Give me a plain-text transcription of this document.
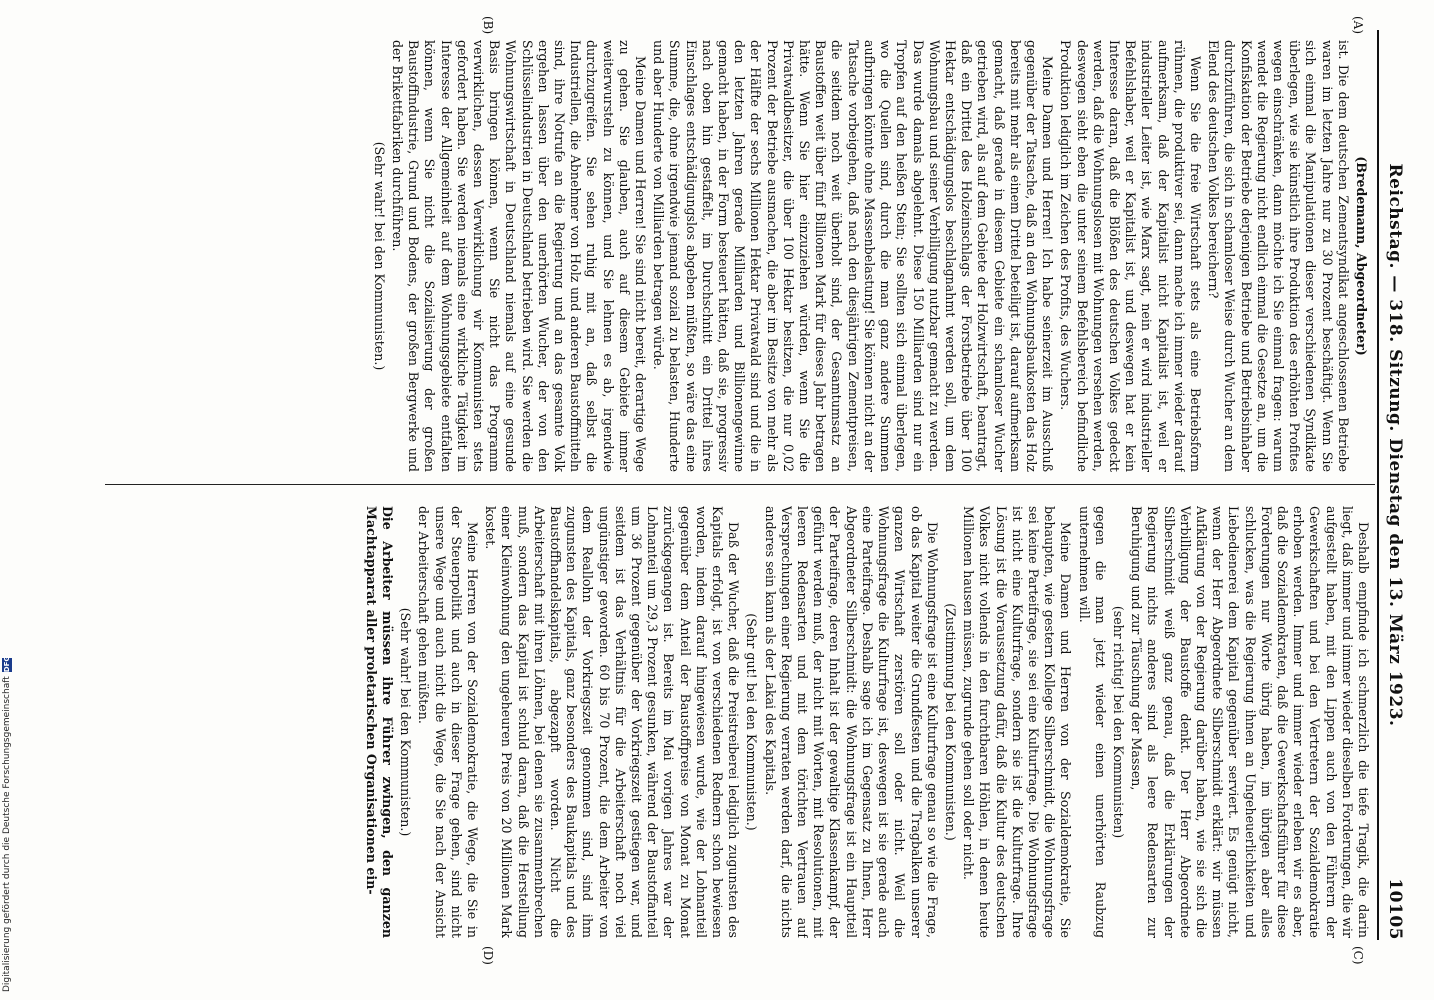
Reichstag. — 318. Sitzung. Dienstag den 13. März 1923.
10105
(A)
(B)
(C)
(D)

(Bredemann, Abgeordneter)

ist. Die dem deutschen Zementsyndikat angeschlossenen Betriebe waren im letzten Jahre nur zu 30 Prozent beschäftigt. Wenn Sie sich einmal die Manipulationen dieser verschiedenen Syndikate überlegen, wie sie künstlich ihre Produktion des erhöhten Profites wegen einschränken, dann möchte ich Sie einmal fragen: warum wendet die Regierung nicht endlich einmal die Gesetze an, um die Konfiskation der Betriebe derjenigen Betriebe und Betriebsinhaber durchzuführen, die sich in schamloser Weise durch Wucher an dem Elend des deutschen Volkes bereichern?

Wenn Sie die freie Wirtschaft stets als eine Betriebsform rühmen, die produktiver sei, dann mache ich immer wieder darauf aufmerksam, daß der Kapitalist nicht Kapitalist ist, weil er industrieller Leiter ist, wie Marx sagt, nein er wird industrieller Befehlshaber, weil er Kapitalist ist, und deswegen hat er kein Interesse daran, daß die Blößen des deutschen Volkes gedeckt werden, daß die Wohnungslosen mit Wohnungen versehen werden, deswegen sieht eben die unter seinem Befehlsbereich befindliche Produktion lediglich im Zeichen des Profits, des Wuchers.

Meine Damen und Herren! Ich habe seinerzeit im Ausschuß gegenüber der Tatsache, daß an den Wohnungsbaukosten das Holz bereits mit mehr als einem Drittel beteiligt ist, darauf aufmerksam gemacht, daß gerade in diesem Gebiete ein schamloser Wucher getrieben wird, als auf dem Gebiete der Holzwirtschaft, beantragt, daß ein Drittel des Holzeinschlags der Forstbetriebe über 100 Hektar entschädigungslos beschlagnahmt werden soll, um dem Wohnungsbau und seiner Verbilligung nutzbar gemacht zu werden. Das wurde damals abgelehnt. Diese 150 Milliarden sind nur ein Tropfen auf den heißen Stein; Sie sollten sich einmal überlegen, wo die Quellen sind, durch die man ganz andere Summen aufbringen könnte ohne Massenbelastung! Sie können nicht an der Tatsache vorbeigehen, daß nach den diesjährigen Zementpreisen, die seitdem noch weit überholt sind, der Gesamtumsatz an Baustoffen weit über fünf Billionen Mark für dieses Jahr betragen hätte. Wenn Sie hier einzuziehen würden, wenn Sie die Privatwaldbesitzer, die über 100 Hektar besitzen, die nur 0,02 Prozent der Betriebe ausmachen, die aber im Besitze von mehr als der Hälfte der sechs Millionen Hektar Privatwald sind und die in den letzten Jahren gerade Milliarden und Billionengewinne gemacht haben, in der Form besteuert hätten, daß sie, progressiv nach oben hin gestaffelt, im Durchschnitt ein Drittel ihres Einschlages entschädigungslos abgeben müßten, so wäre das eine Summe, die, ohne irgendwie jemand sozial zu belasten, Hunderte und aber Hunderte von Milliarden betragen würde.

Meine Damen und Herren! Sie sind nicht bereit, derartige Wege zu gehen. Sie glauben, auch auf diesem Gebiete immer weiterwursteln zu können, und Sie lehnen es ab, irgendwie durchzugreifen. Sie sehen ruhig mit an, daß selbst die Industriellen, die Abnehmer von Holz und anderen Baustoffmitteln sind, ihre Notrufe an die Regierung und an das gesamte Volk ergehen lassen über den unerhörten Wucher, der von den Schlüsselindustrien in Deutschland betrieben wird. Sie werden die Wohnungswirtschaft in Deutschland niemals auf eine gesunde Basis bringen können, wenn Sie nicht das Programm verwirklichen, dessen Verwirklichung wir Kommunisten stets gefordert haben. Sie werden niemals eine wirkliche Tätigkeit im Interesse der Allgemeinheit auf dem Wohnungsgebiete entfalten können, wenn Sie nicht die Sozialisierung der großen Baustoffindustrie, Grund und Bodens, der großen Bergwerke und der Brikettfabriken durchführen.

(Sehr wahr! bei den Kommunisten.)

Deshalb empfinde ich schmerzlich die tiefe Tragik, die darin liegt, daß immer und immer wieder dieselben Forderungen, die wir aufgestellt haben, mit den Lippen auch von den Führern der Gewerkschaften und bei den Vertretern der Sozialdemokratie erhoben werden. Immer und immer wieder erleben wir es aber, daß die Sozialdemokraten, daß die Gewerkschaftsführer für diese Forderungen nur Worte übrig haben, im übrigen aber alles schlucken, was die Regierung ihnen an Ungeheuerlichkeiten und Liebedienerei dem Kapital gegenüber serviert. Es genügt nicht, wenn der Herr Abgeordnete Silberschmidt erklärt: wir müssen Aufklärung von der Regierung darüber haben, wie sie sich die Verbilligung der Baustoffe denkt. Der Herr Abgeordnete Silberschmidt weiß ganz genau, daß die Erklärungen der Regierung nichts anderes sind als leere Redensarten zur Beruhigung und zur Täuschung der Massen,

(sehr richtig! bei den Kommunisten)

gegen die man jetzt wieder einen unerhörten Raubzug unternehmen will.

Meine Damen und Herren von der Sozialdemokratie, Sie behaupten, wie gestern Kollege Silberschmidt, die Wohnungsfrage sei keine Parteifrage, sie sei eine Kulturfrage. Die Wohnungsfrage ist nicht eine Kulturfrage, sondern sie ist die Kulturfrage. Ihre Lösung ist die Voraussetzung dafür, daß die Kultur des deutschen Volkes nicht vollends in den furchtbaren Höhlen, in denen heute Millionen hausen müssen, zugrunde gehen soll oder nicht.

(Zustimmung bei den Kommunisten.)

Die Wohnungsfrage ist eine Kulturfrage genau so wie die Frage, ob das Kapital weiter die Grundfesten und die Tragbalken unserer ganzen Wirtschaft zerstören soll oder nicht. Weil die Wohnungsfrage die Kulturfrage ist, deswegen ist sie gerade auch eine Parteifrage. Deshalb sage ich im Gegensatz zu Ihnen, Herr Abgeordneter Silberschmidt: die Wohnungsfrage ist ein Hauptteil der Parteifrage, deren Inhalt ist der gewaltige Klassenkampf, der geführt werden muß, der nicht mit Worten, mit Resolutionen, mit leeren Redensarten und mit dem törichten Vertrauen auf Versprechungen einer Regierung verraten werden darf, die nichts anderes sein kann als der Lakai des Kapitals.

(Sehr gut! bei den Kommunisten.)

Daß der Wucher, daß die Preistreiberei lediglich zugunsten des Kapitals erfolgt, ist von verschiedenen Rednern schon bewiesen worden, indem darauf hingewiesen wurde, wie der Lohnanteil gegenüber dem Anteil der Baustoffpreise von Monat zu Monat zurückgegangen ist. Bereits im Mai vorigen Jahres war der Lohnanteil um 29,3 Prozent gesunken, während der Baustoffanteil um 36 Prozent gegenüber der Vorkriegszeit gestiegen war, und seitdem ist das Verhältnis für die Arbeiterschaft noch viel ungünstiger geworden. 60 bis 70 Prozent, die dem Arbeiter von dem Reallohn der Vorkriegszeit genommen sind, sind ihm zugunsten des Kapitals, ganz besonders des Baukapitals und des Baustoffhandelskapitals, abgezapft worden. Nicht die Arbeiterschaft mit ihren Löhnen, bei denen sie zusammenbrechen muß, sondern das Kapital ist schuld daran, daß die Herstellung einer Kleinwohnung den ungeheuren Preis von 20 Millionen Mark kostet.

Meine Herren von der Sozialdemokratie, die Wege, die Sie in der Steuerpolitik und auch in dieser Frage gehen, sind nicht unsere Wege und auch nicht die Wege, die Sie nach der Ansicht der Arbeiterschaft gehen müßten.

(Sehr wahr! bei den Kommunisten.)

Die Arbeiter müssen ihre Führer zwingen, den ganzen Machtapparat aller proletarischen Organisationen ein-

Digitalisierung gefördert durch die Deutsche Forschungsgemeinschaft
DFG
